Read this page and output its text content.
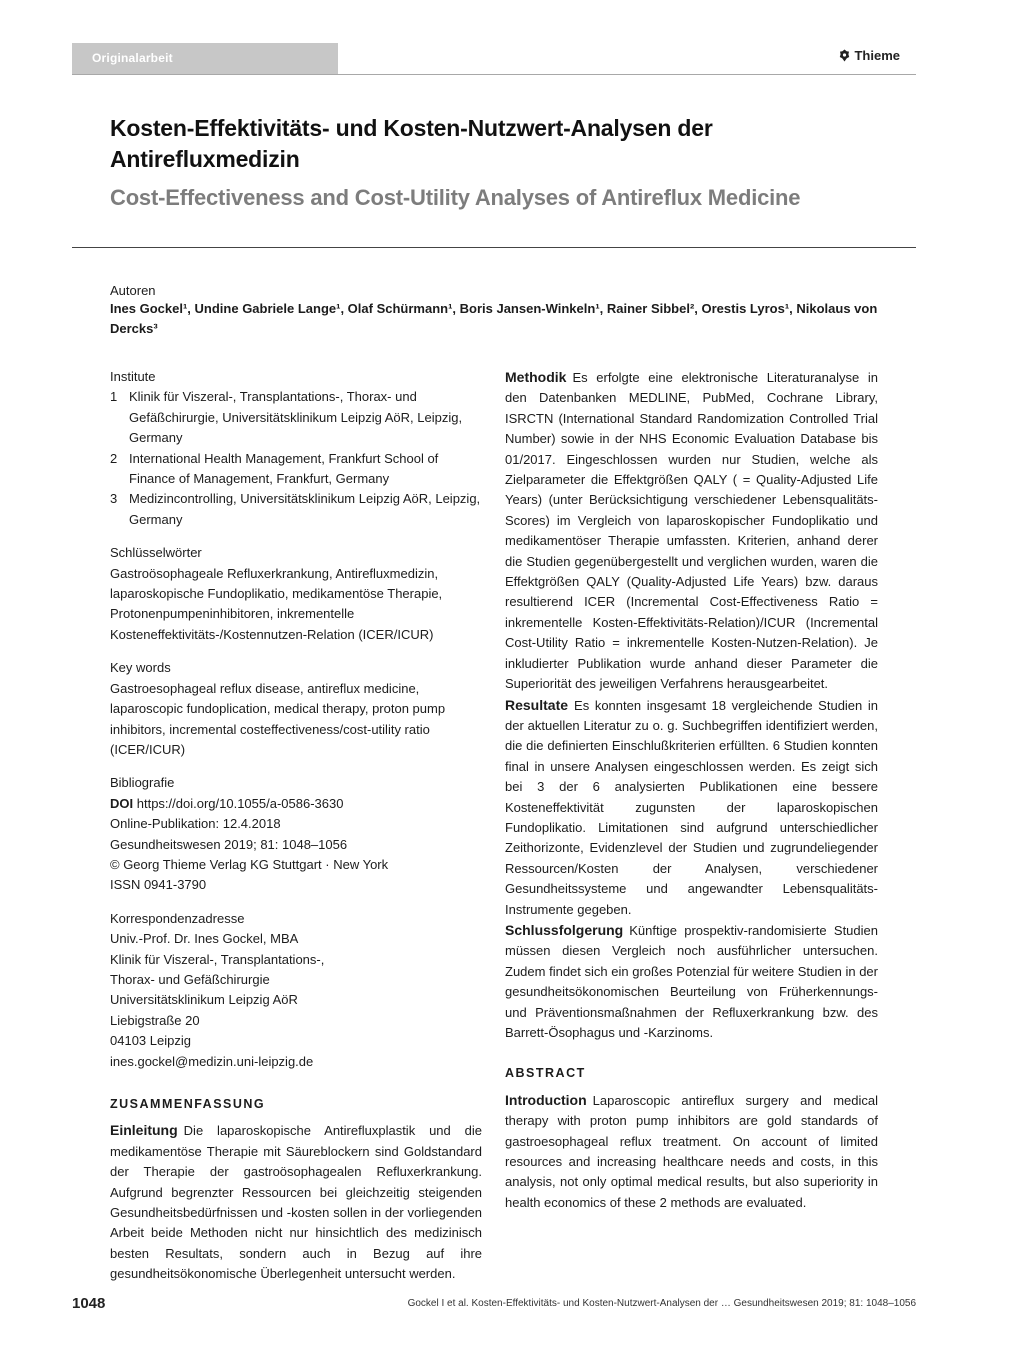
Originalarbeit	Thieme
Kosten-Effektivitäts- und Kosten-Nutzwert-Analysen der Antirefluxmedizin
Cost-Effectiveness and Cost-Utility Analyses of Antireflux Medicine
Autoren
Ines Gockel¹, Undine Gabriele Lange¹, Olaf Schürmann¹, Boris Jansen-Winkeln¹, Rainer Sibbel², Orestis Lyros¹, Nikolaus von Dercks³
Institute
1 Klinik für Viszeral-, Transplantations-, Thorax- und Gefäßchirurgie, Universitätsklinikum Leipzig AöR, Leipzig, Germany
2 International Health Management, Frankfurt School of Finance of Management, Frankfurt, Germany
3 Medizincontrolling, Universitätsklinikum Leipzig AöR, Leipzig, Germany
Schlüsselwörter
Gastroösophageale Refluxerkrankung, Antirefluxmedizin, laparoskopische Fundoplikatio, medikamentöse Therapie, Protonenpumpeninhibitoren, inkrementelle Kosteneffektivitäts-/Kostennutzen-Relation (ICER/ICUR)
Key words
Gastroesophageal reflux disease, antireflux medicine, laparoscopic fundoplication, medical therapy, proton pump inhibitors, incremental costeffectiveness/cost-utility ratio (ICER/ICUR)
Bibliografie
DOI https://doi.org/10.1055/a-0586-3630
Online-Publikation: 12.4.2018
Gesundheitswesen 2019; 81: 1048–1056
© Georg Thieme Verlag KG Stuttgart · New York
ISSN 0941-3790
Korrespondenzadresse
Univ.-Prof. Dr. Ines Gockel, MBA
Klinik für Viszeral-, Transplantations-,
Thorax- und Gefäßchirurgie
Universitätsklinikum Leipzig AöR
Liebigstraße 20
04103 Leipzig
ines.gockel@medizin.uni-leipzig.de
ZUSAMMENFASSUNG
Einleitung Die laparoskopische Antirefluxplastik und die medikamentöse Therapie mit Säureblockern sind Goldstandard der Therapie der gastroösophagealen Refluxerkrankung. Aufgrund begrenzter Ressourcen bei gleichzeitig steigenden Gesundheitsbedürfnissen und -kosten sollen in der vorliegenden Arbeit beide Methoden nicht nur hinsichtlich des medizinisch besten Resultats, sondern auch in Bezug auf ihre gesundheitsökonomische Überlegenheit untersucht werden.
Methodik Es erfolgte eine elektronische Literaturanalyse in den Datenbanken MEDLINE, PubMed, Cochrane Library, ISRCTN (International Standard Randomization Controlled Trial Number) sowie in der NHS Economic Evaluation Database bis 01/2017. Eingeschlossen wurden nur Studien, welche als Zielparameter die Effektgrößen QALY ( = Quality-Adjusted Life Years) (unter Berücksichtigung verschiedener Lebensqualitäts-Scores) im Vergleich von laparoskopischer Fundoplikatio und medikamentöser Therapie umfassten. Kriterien, anhand derer die Studien gegenübergestellt und verglichen wurden, waren die Effektgrößen QALY (Quality-Adjusted Life Years) bzw. daraus resultierend ICER (Incremental Cost-Effectiveness Ratio = inkrementelle Kosten-Effektivitäts-Relation)/ICUR (Incremental Cost-Utility Ratio = inkrementelle Kosten-Nutzen-Relation). Je inkludierter Publikation wurde anhand dieser Parameter die Superiorität des jeweiligen Verfahrens herausgearbeitet.
Resultate Es konnten insgesamt 18 vergleichende Studien in der aktuellen Literatur zu o. g. Suchbegriffen identifiziert werden, die die definierten Einschlußkriterien erfüllten. 6 Studien konnten final in unsere Analysen eingeschlossen werden. Es zeigt sich bei 3 der 6 analysierten Publikationen eine bessere Kosteneffektivität zugunsten der laparoskopischen Fundoplikatio. Limitationen sind aufgrund unterschiedlicher Zeithorizonte, Evidenzlevel der Studien und zugrundeliegender Ressourcen/Kosten der Analysen, verschiedener Gesundheitssysteme und angewandter Lebensqualitäts-Instrumente gegeben.
Schlussfolgerung Künftige prospektiv-randomisierte Studien müssen diesen Vergleich noch ausführlicher untersuchen. Zudem findet sich ein großes Potenzial für weitere Studien in der gesundheitsökonomischen Beurteilung von Früherkennungs- und Präventionsmaßnahmen der Refluxerkrankung bzw. des Barrett-Ösophagus und -Karzinoms.
ABSTRACT
Introduction Laparoscopic antireflux surgery and medical therapy with proton pump inhibitors are gold standards of gastroesophageal reflux treatment. On account of limited resources and increasing healthcare needs and costs, in this analysis, not only optimal medical results, but also superiority in health economics of these 2 methods are evaluated.
1048	Gockel I et al. Kosten-Effektivitäts- und Kosten-Nutzwert-Analysen der … Gesundheitswesen 2019; 81: 1048–1056
